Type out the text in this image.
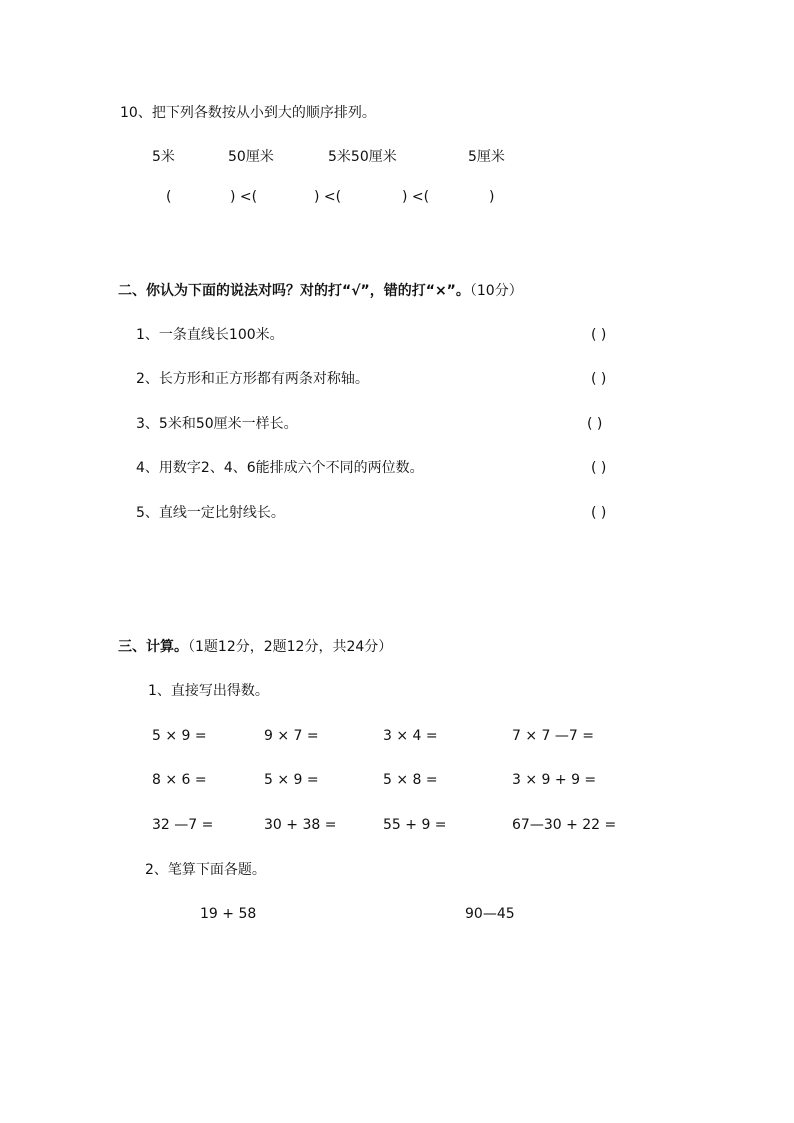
10、把下列各数按从小到大的顺序排列。
5米	50厘米	5米50厘米	5厘米
(	) <(	) <(	) <(	)
二、你认为下面的说法对吗？对的打“√”，错的打“×”。（10分）
1、一条直线长100米。	( )
2、长方形和正方形都有两条对称轴。	( )
3、5米和50厘米一样长。	( )
4、用数字2、4、6能排成六个不同的两位数。	( )
5、直线一定比射线长。	( )
三、计算。（1题12分，2题12分，共24分）
1、直接写出得数。
5 × 9 =	9 × 7 =	3 × 4 =	7 × 7 —7 =
8 × 6 =	5 × 9 =	5 × 8 =	3 × 9 + 9 =
32 —7 =	30 + 38 =	55 + 9 =	67—30 + 22 =
2、笔算下面各题。
19 + 58	90—45
